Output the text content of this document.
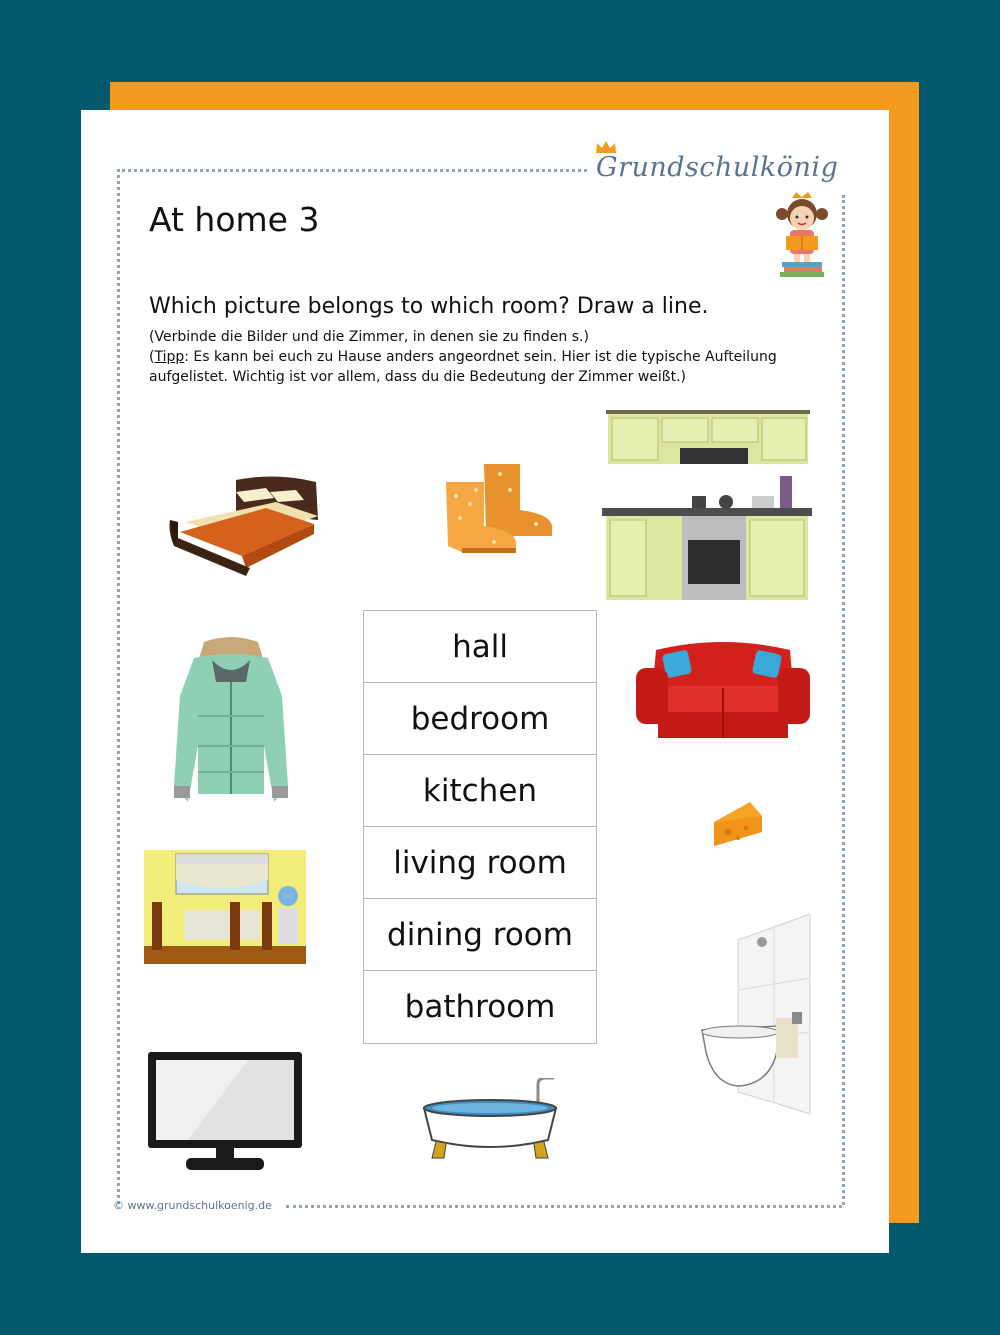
Grundschulkönig
At home 3
Which picture belongs to which room? Draw a line.
(Verbinde die Bilder und die Zimmer, in denen sie zu finden s.)
(Tipp: Es kann bei euch zu Hause anders angeordnet sein. Hier ist die typische Aufteilung
aufgelistet. Wichtig ist vor allem, dass du die Bedeutung der Zimmer weißt.)
hall
bedroom
kitchen
living room
dining room
bathroom
© www.grundschulkoenig.de
